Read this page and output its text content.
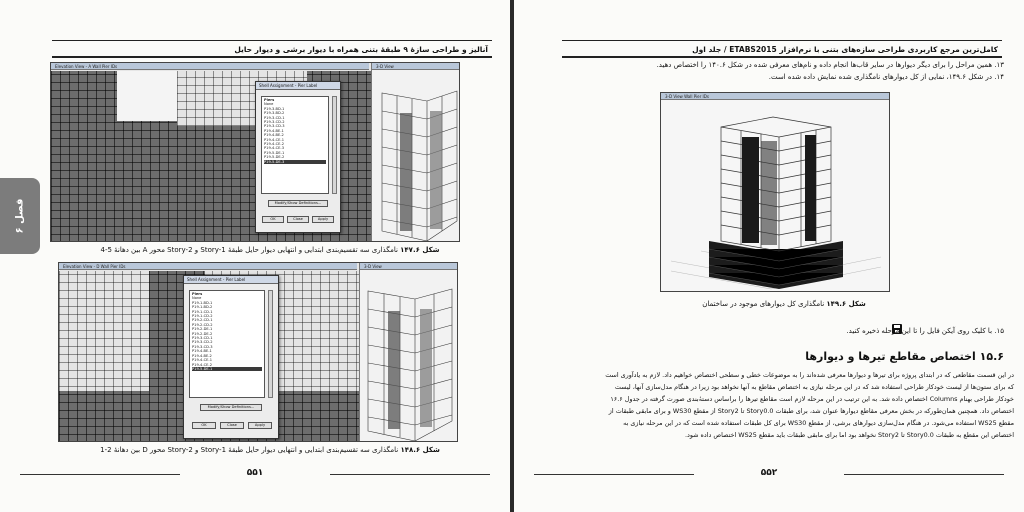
آنالیز و طراحی سازهٔ ۹ طبقهٔ بتنی همراه با دیوار برشی و دیوار حایل
فصل ۶
Elevation View - A Wall Pier IDs	3-D View
Shell Assignment - Pier Label
Piers
None
P19-3-BD-1
P19-3-BD-2
P19-3-CD-1
P19-3-CD-2
P19-3-CD-3
P19-4-BE-1
P19-4-BE-2
P19-4-CE-1
P19-4-CE-2
P19-4-CE-3
P19-5-DE-1
P19-5-DE-2
P19-5-DE-3
Modify/Show Definitions...
OK	Close	Apply
شکل ۱۴۷.۶ نامگذاری سه تقسیم‌بندی ابتدایی و انتهایی دیوار حایل طبقهٔ Story-1 و Story-2 محور A بین دهانهٔ 5-4
Elevation View - D Wall Pier IDs	3-D View
Shell Assignment - Pier Label
Piers
None
P19-1-BD-1
P19-1-BD-2
P19-1-CD-1
P19-1-CD-2
P19-2-CD-1
P19-2-CD-2
P19-2-DE-1
P19-2-DE-2
P19-3-CD-1
P19-3-CD-2
P19-3-CD-3
P19-4-BE-1
P19-4-BE-2
P19-4-CE-1
P19-4-CE-2
P19-5-DE-1
Modify/Show Definitions...
OK	Close	Apply
شکل ۱۴۸.۶ نامگذاری سه تقسیم‌بندی ابتدایی و انتهایی دیوار حایل طبقهٔ Story-1 و Story-2 محور D بین دهانهٔ 2-1
۵۵۱
کامل‌ترین مرجع کاربردی طراحی سازه‌های بتنی با نرم‌افزار ETABS2015 / جلد اول
۱۳. همین مراحل را برای دیگر دیوارها در سایر قاب‌ها انجام داده و نام‌های معرفی شده در شکل ۱۴۰.۶ را اختصاص دهید.
۱۴. در شکل ۱۴۹.۶، نمایی از کل دیوارهای نامگذاری شده نمایش داده شده است.
3-D View Wall Pier IDs
شکل ۱۴۹.۶ نامگذاری کل دیوارهای موجود در ساختمان
۱۵. با کلیک روی آیکن فایل را تا این مرحله ذخیره کنید.
۱۵.۶ اختصاص مقاطع تیرها و دیوارها
در این قسمت مقاطعی که در ابتدای پروژه برای تیرها و دیوارها معرفی شده‌اند را به موضوعات خطی و سطحی اختصاص خواهیم داد. لازم به یادآوری است
که برای ستون‌ها از لیست خودکار طراحی استفاده شد که در این مرحله نیازی به اختصاص مقاطع به آنها نخواهد بود زیرا در هنگام مدل‌سازی آنها، لیست
خودکار طراحی بهنام Columns اختصاص داده شد. به این ترتیب در این مرحله لازم است مقاطع تیرها را براساس دستهٔ‌بندی صورت گرفته در جدول ۱۶.۶
اختصاص داد. همچنین همان‌طورکه در بخش معرفی مقاطع دیوارها عنوان شد، برای طبقات Story0.0 تا Story2 از مقطع WS30 و برای مابقی طبقات از
مقطع WS25 استفاده می‌شود. در هنگام مدل‌سازی دیوارهای برشی، از مقطع WS30 برای کل طبقات استفاده شده است که در این مرحله نیازی به
اختصاص این مقطع به طبقات Story0.0 تا Story2 نخواهد بود اما برای مابقی طبقات باید مقطع WS25 اختصاص داده شود.
۵۵۲
